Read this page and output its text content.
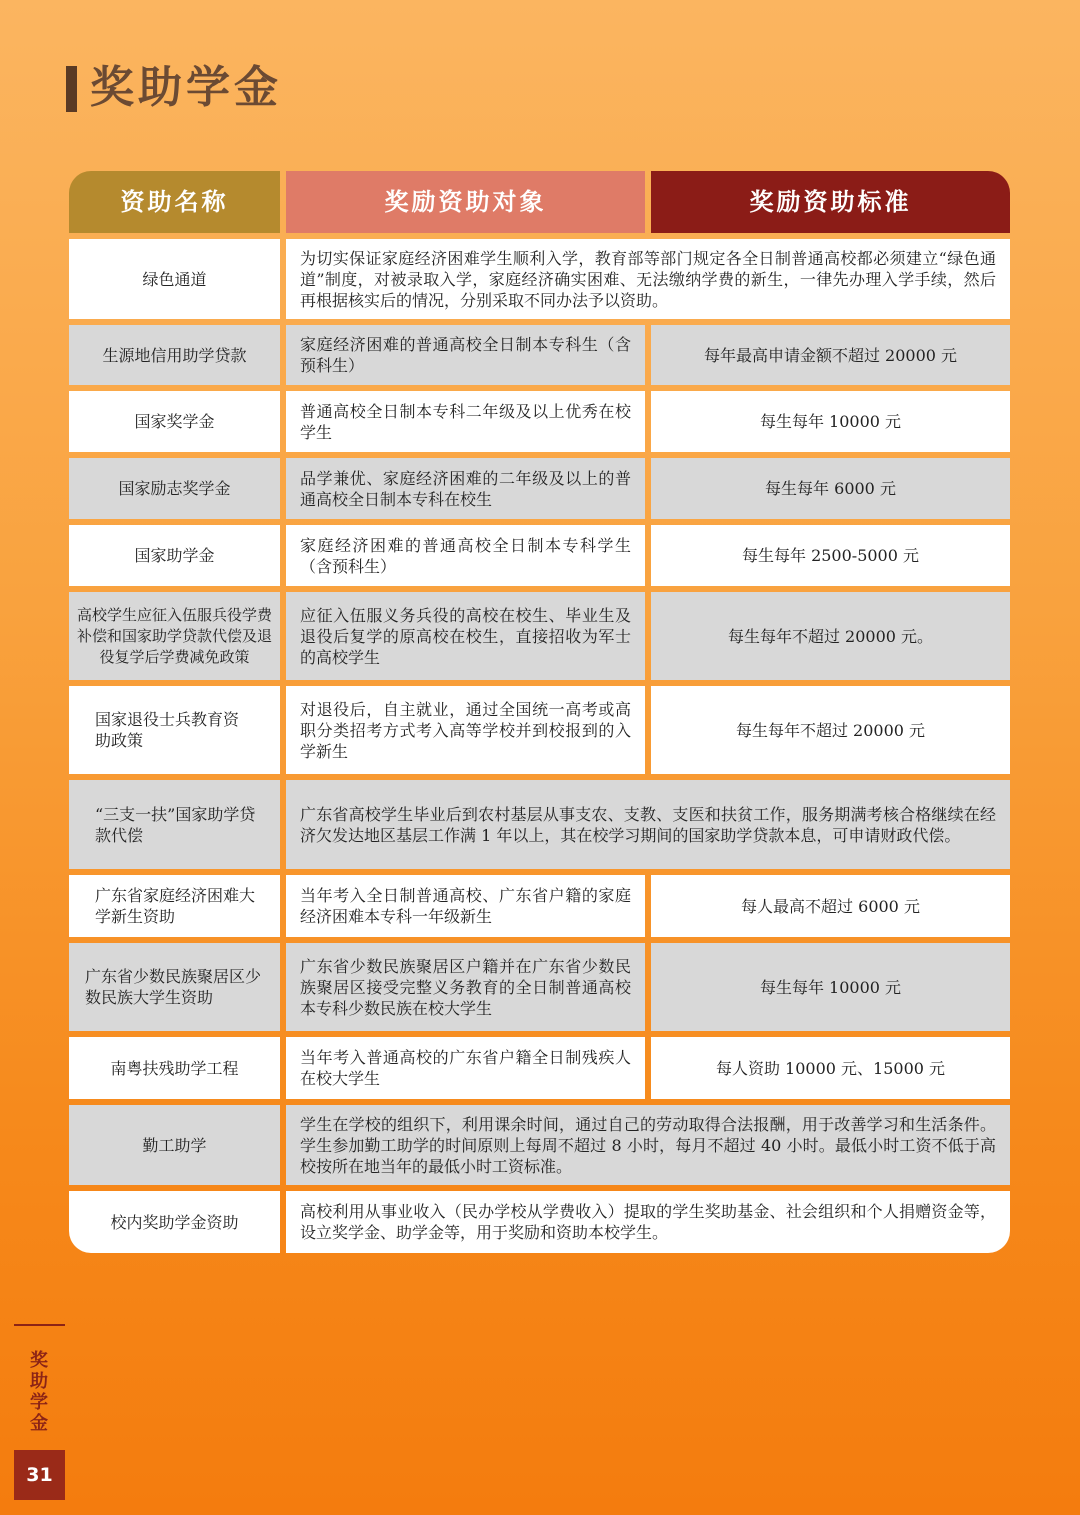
奖助学金
资助名称	奖励资助对象	奖励资助标准
绿色通道
为切实保证家庭经济困难学生顺利入学，教育部等部门规定各全日制普通高校都必须建立“绿色通道”制度，对被录取入学，家庭经济确实困难、无法缴纳学费的新生，一律先办理入学手续，然后再根据核实后的情况，分别采取不同办法予以资助。
生源地信用助学贷款
家庭经济困难的普通高校全日制本专科生（含预科生）
每年最高申请金额不超过 20000 元
国家奖学金
普通高校全日制本专科二年级及以上优秀在校学生
每生每年 10000 元
国家励志奖学金
品学兼优、家庭经济困难的二年级及以上的普通高校全日制本专科在校生
每生每年 6000 元
国家助学金
家庭经济困难的普通高校全日制本专科学生（含预科生）
每生每年 2500-5000 元
高校学生应征入伍服兵役学费补偿和国家助学贷款代偿及退役复学后学费减免政策
应征入伍服义务兵役的高校在校生、毕业生及退役后复学的原高校在校生，直接招收为军士的高校学生
每生每年不超过 20000 元。
国家退役士兵教育资助政策
对退役后，自主就业，通过全国统一高考或高职分类招考方式考入高等学校并到校报到的入学新生
每生每年不超过 20000 元
“三支一扶”国家助学贷款代偿
广东省高校学生毕业后到农村基层从事支农、支教、支医和扶贫工作，服务期满考核合格继续在经济欠发达地区基层工作满 1 年以上，其在校学习期间的国家助学贷款本息，可申请财政代偿。
广东省家庭经济困难大学新生资助
当年考入全日制普通高校、广东省户籍的家庭经济困难本专科一年级新生
每人最高不超过 6000 元
广东省少数民族聚居区少数民族大学生资助
广东省少数民族聚居区户籍并在广东省少数民族聚居区接受完整义务教育的全日制普通高校本专科少数民族在校大学生
每生每年 10000 元
南粤扶残助学工程
当年考入普通高校的广东省户籍全日制残疾人在校大学生
每人资助 10000 元、15000 元
勤工助学
学生在学校的组织下，利用课余时间，通过自己的劳动取得合法报酬，用于改善学习和生活条件。学生参加勤工助学的时间原则上每周不超过 8 小时，每月不超过 40 小时。最低小时工资不低于高校按所在地当年的最低小时工资标准。
校内奖助学金资助
高校利用从事业收入（民办学校从学费收入）提取的学生奖助基金、社会组织和个人捐赠资金等，设立奖学金、助学金等，用于奖励和资助本校学生。
奖助学金
31
